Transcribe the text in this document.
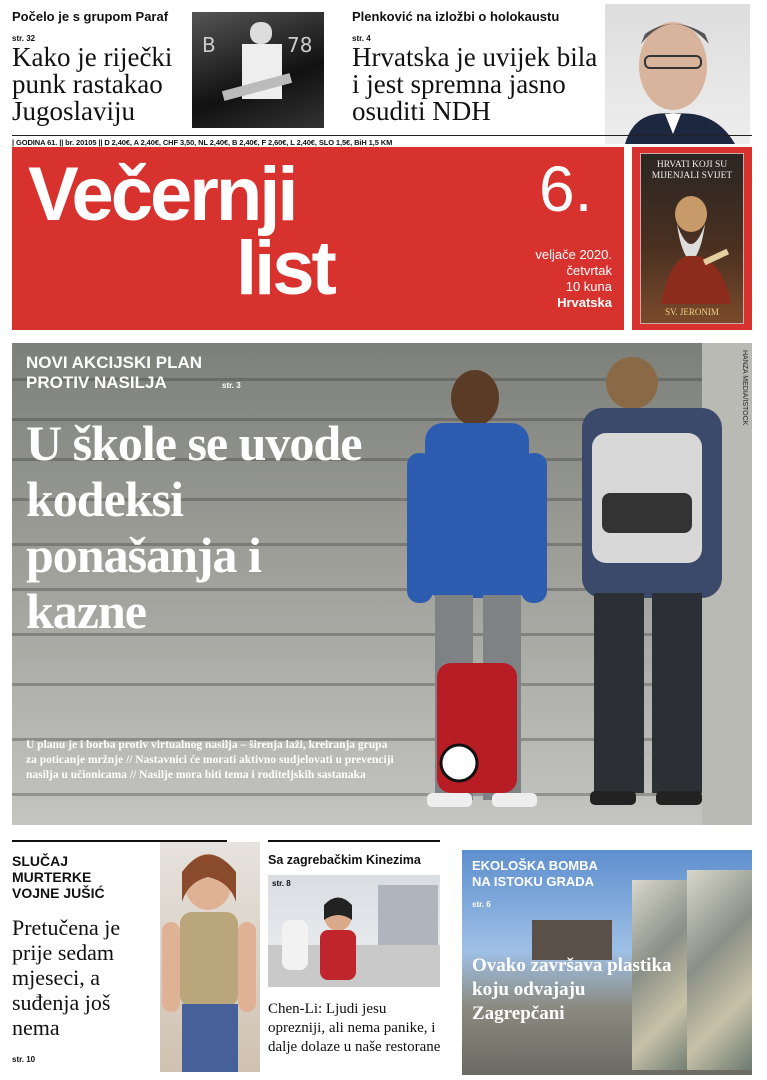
Počelo je s grupom Paraf
str. 32
Kako je riječki punk rastakao Jugoslaviju
B	78
Plenković na izložbi o holokaustu
str. 4
Hrvatska je uvijek bila i jest spremna jasno osuditi NDH
| GODINA 61. || br. 20105 || D 2,40€, A 2,40€, CHF 3,50, NL 2,40€, B 2,40€, F 2,60€, L 2,40€, SLO 1,5€, BiH 1,5 KM
Večernji
list
6.
veljače 2020.
četvrtak
10 kuna
Hrvatska
HRVATI KOJI SU MIJENJALI SVIJET
SV. JERONIM
NOVI AKCIJSKI PLAN PROTIV NASILJA	str. 3
U škole se uvode kodeksi ponašanja i kazne
U planu je i borba protiv virtualnog nasilja – širenja laži, kreiranja grupa za poticanje mržnje // Nastavnici će morati aktivno sudjelovati u prevenciji nasilja u učionicama // Nasilje mora biti tema i roditeljskih sastanaka
HANZA MEDIA/ISTOCK
SLUČAJ MURTERKE VOJNE JUŠIĆ
Pretučena je prije sedam mjeseci, a suđenja još nema
str. 10
Sa zagrebačkim Kinezima
str. 8
Chen-Li: Ljudi jesu oprezniji, ali nema panike, i dalje dolaze u naše restorane
EKOLOŠKA BOMBA NA ISTOKU GRADA
str. 6
Ovako završava plastika koju odvajaju Zagrepčani
